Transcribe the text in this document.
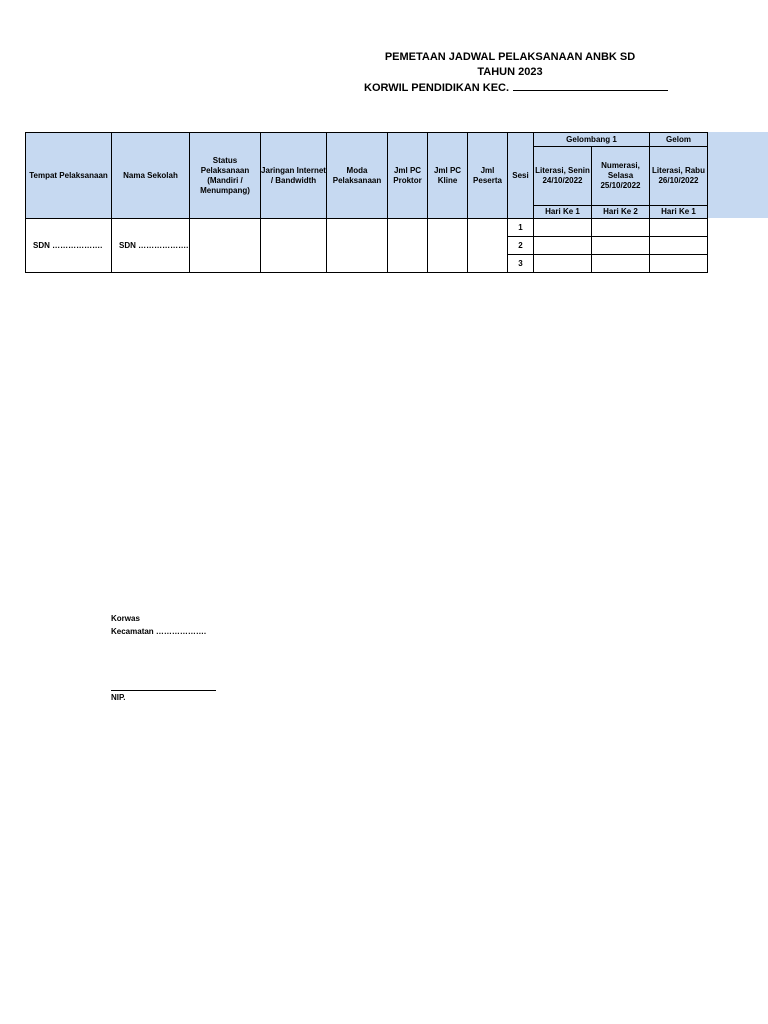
PEMETAAN JADWAL PELAKSANAAN ANBK SD
TAHUN 2023
KORWIL PENDIDIKAN KEC.
Tempat Pelaksanaan	Nama Sekolah	Status Pelaksanaan (Mandiri / Menumpang)	Jaringan Internet / Bandwidth	Moda Pelaksanaan	Jml PC Proktor	Jml PC Kline	Jml Peserta	Sesi	Gelombang 1		Gelom
									Literasi, Senin 24/10/2022	Numerasi, Selasa 25/10/2022	Literasi, Rabu 26/10/2022
									Hari Ke 1	Hari Ke 2	Hari Ke 1
SDN ……………….	SDN ……………….							1			
								2			
								3			
Korwas
Kecamatan ……………….
NIP.
